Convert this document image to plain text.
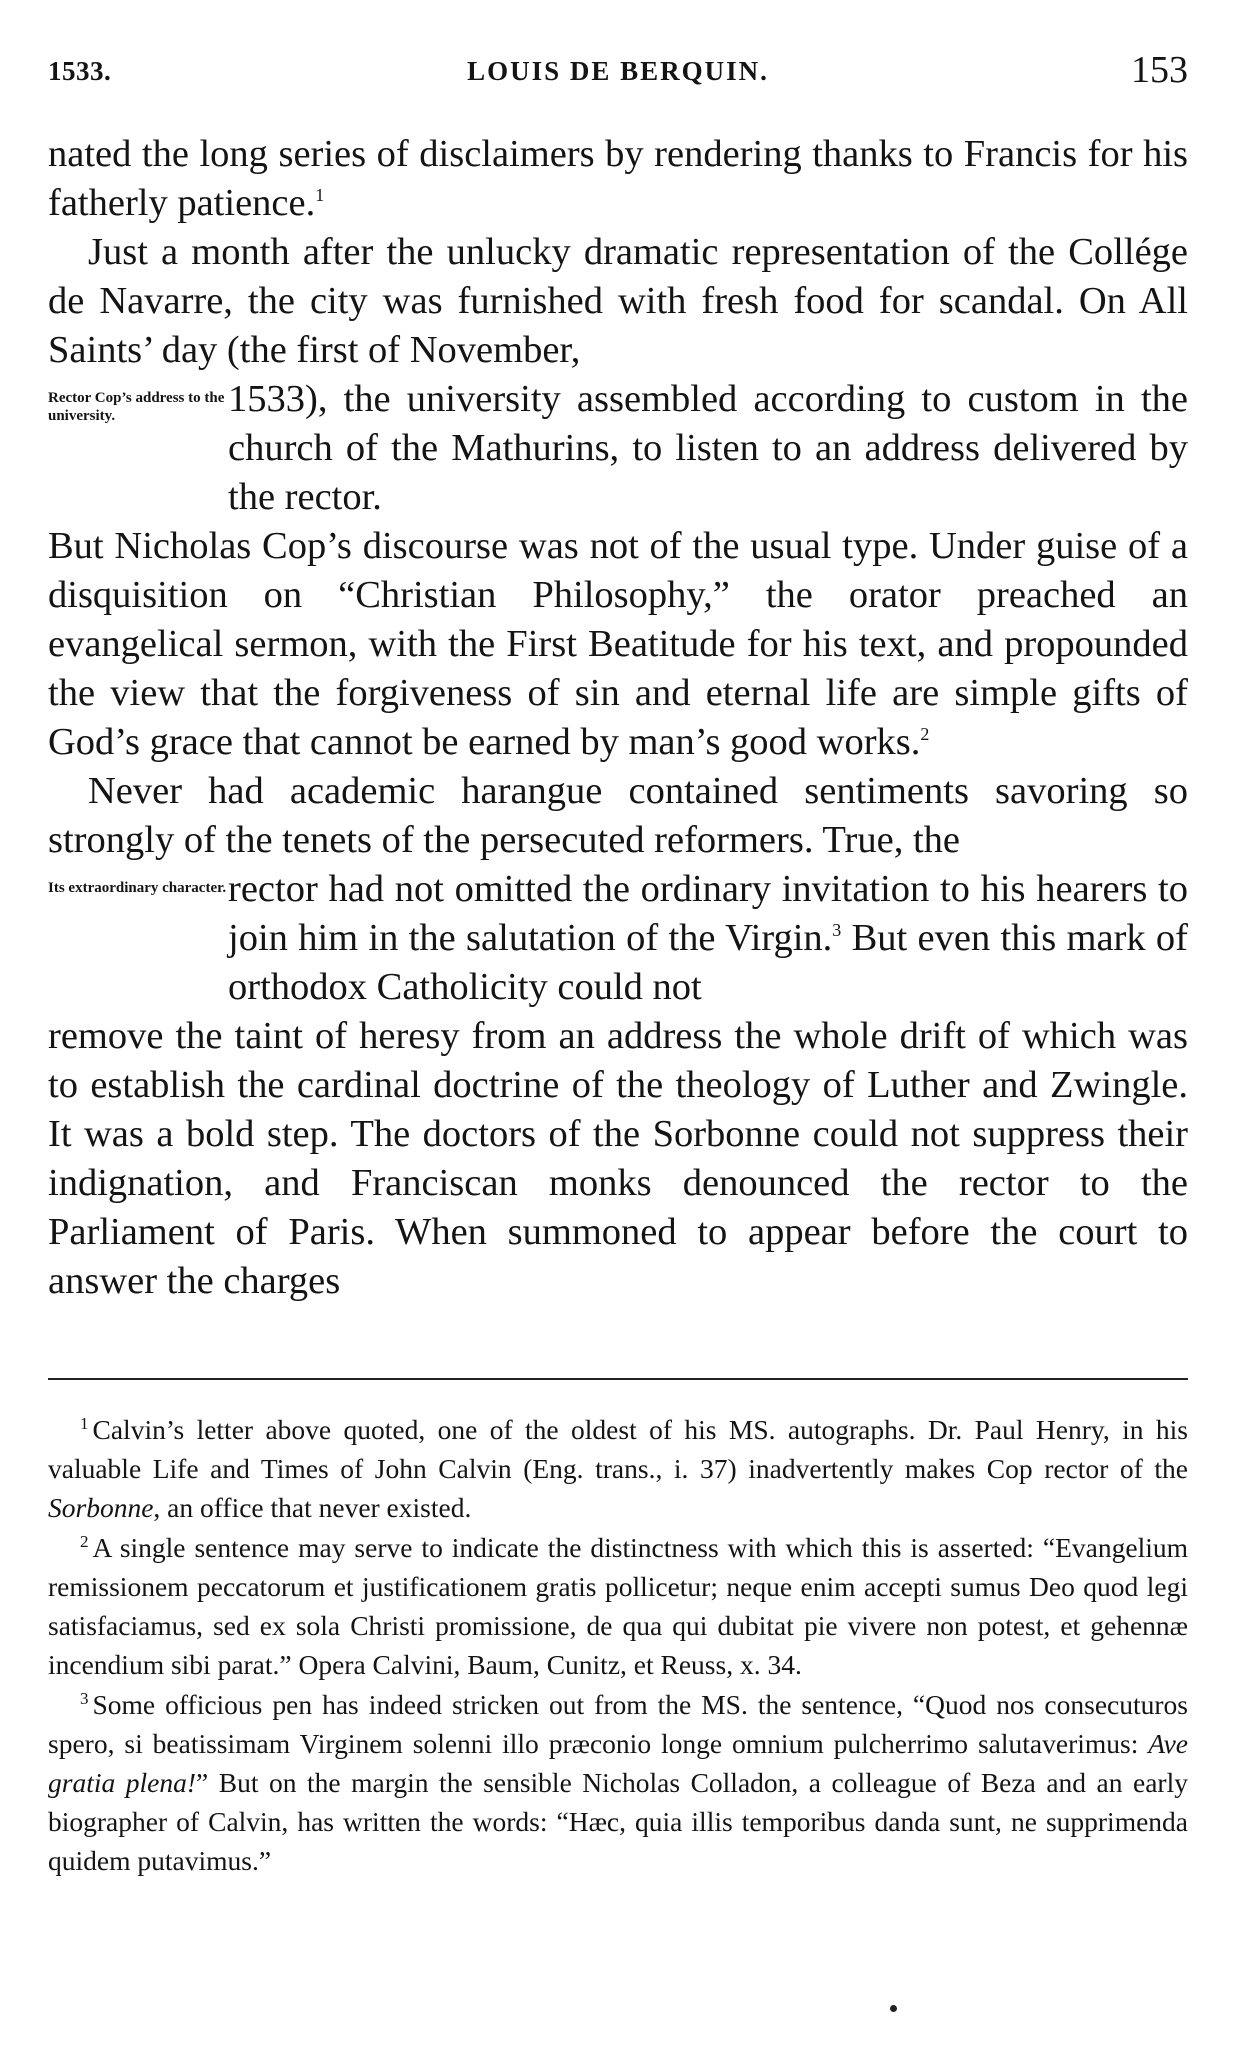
1533.	LOUIS DE BERQUIN.	153

nated the long series of disclaimers by rendering thanks to Francis for his fatherly patience.$^1$

Just a month after the unlucky dramatic representation of the Collége de Navarre, the city was furnished with fresh food for scandal. On All Saints’ day (the first of November,

Rector Cop’s address to the university.	1533), the university assembled according to custom in the church of the Mathurins, to listen to an address delivered by the rector.

But Nicholas Cop’s discourse was not of the usual type. Under guise of a disquisition on “Christian Philosophy,” the orator preached an evangelical sermon, with the First Beatitude for his text, and propounded the view that the forgiveness of sin and eternal life are simple gifts of God’s grace that cannot be earned by man’s good works.$^2$

Never had academic harangue contained sentiments savoring so strongly of the tenets of the persecuted reformers. True, the

Its extraordinary character. rector had not omitted the ordinary invitation to his hearers to join him in the salutation of the Virgin.$^3$ But even this mark of orthodox Catholicity could not

remove the taint of heresy from an address the whole drift of which was to establish the cardinal doctrine of the theology of Luther and Zwingle. It was a bold step. The doctors of the Sorbonne could not suppress their indignation, and Franciscan monks denounced the rector to the Parliament of Paris. When summoned to appear before the court to answer the charges

$^1$ Calvin’s letter above quoted, one of the oldest of his MS. autographs. Dr. Paul Henry, in his valuable Life and Times of John Calvin (Eng. trans., i. 37) inadvertently makes Cop rector of the Sorbonne, an office that never existed.

$^2$ A single sentence may serve to indicate the distinctness with which this is asserted: “Evangelium remissionem peccatorum et justificationem gratis pollicetur; neque enim accepti sumus Deo quod legi satisfaciamus, sed ex sola Christi promissione, de qua qui dubitat pie vivere non potest, et gehennæ incendium sibi parat.” Opera Calvini, Baum, Cunitz, et Reuss, x. 34.

$^3$ Some officious pen has indeed stricken out from the MS. the sentence, “Quod nos consecuturos spero, si beatissimam Virginem solenni illo præconio longe omnium pulcherrimo salutaverimus: Ave gratia plena!” But on the margin the sensible Nicholas Colladon, a colleague of Beza and an early biographer of Calvin, has written the words: “Hæc, quia illis temporibus danda sunt, ne supprimenda quidem putavimus.”
